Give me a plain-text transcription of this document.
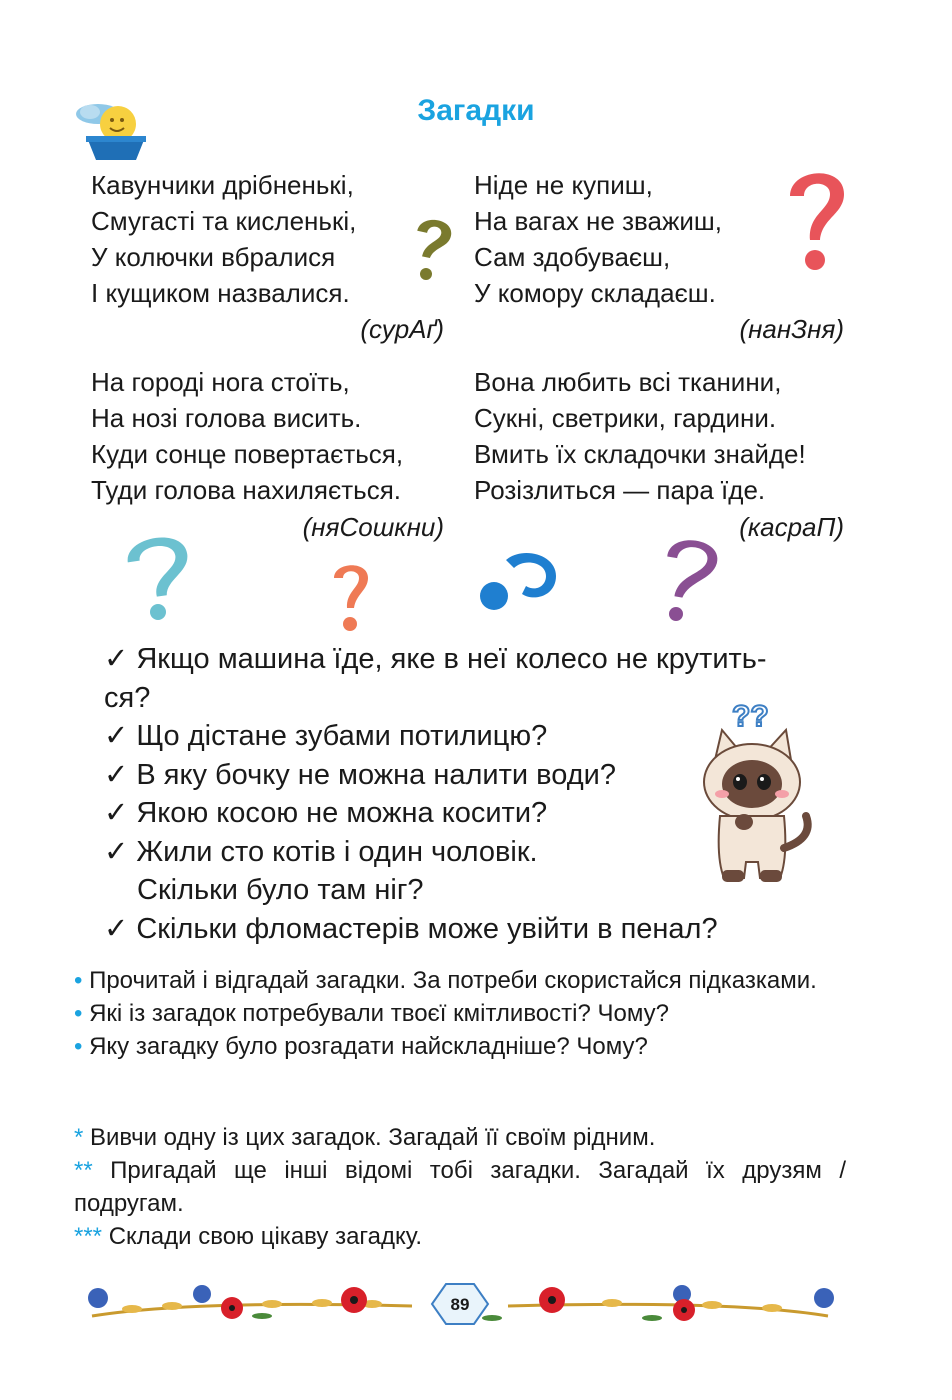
Загадки
Кавунчики дрібненькі,
Смугасті та кисленькі,
У колючки вбралися
І кущиком назвалися.
(сурАґ)
Ніде не купиш,
На вагах не зважиш,
Сам здобуваєш,
У комору складаєш.
(нанЗня)
На городі нога стоїть,
На нозі голова висить.
Куди сонце повертається,
Туди голова нахиляється.
(няСошкни)
Вона любить всі тканини,
Сукні, светрики, гардини.
Вмить їх складочки знайде!
Розізлиться — пара їде.
(касраП)
✓ Якщо машина їде, яке в неї колесо не крутить-
ся?
✓ Що дістане зубами потилицю?
✓ В яку бочку не можна налити води?
✓ Якою косою не можна косити?
✓ Жили сто котів і один чоловік.
Скільки було там ніг?
✓ Скільки фломастерів може увійти в пенал?
??
• Прочитай і відгадай загадки. За потреби скористайся підказками.
• Які із загадок потребували твоєї кмітливості? Чому?
• Яку загадку було розгадати найскладніше? Чому?
* Вивчи одну із цих загадок. Загадай її своїм рідним.
** Пригадай ще інші відомі тобі загадки. Загадай їх друзям / подругам.
*** Склади свою цікаву загадку.
89
